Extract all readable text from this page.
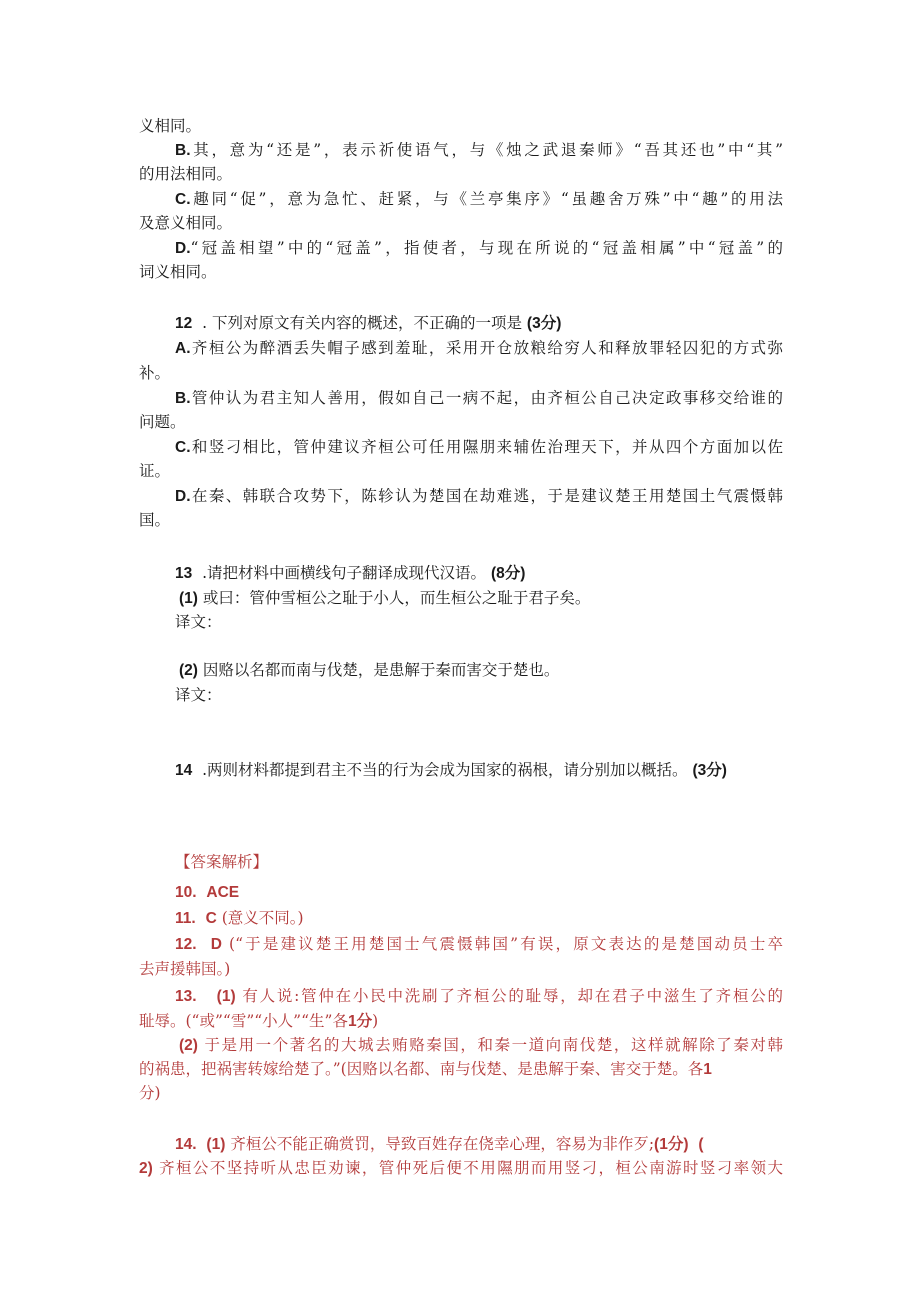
义相同。
B.其，意为“还是”，表示祈使语气，与《烛之武退秦师》“吾其还也”中“其”
的用法相同。
C.趣同“促”，意为急忙、赶紧，与《兰亭集序》“虽趣舍万殊”中“趣”的用法
及意义相同。
D.“冠盖相望”中的“冠盖”，指使者，与现在所说的“冠盖相属”中“冠盖”的
词义相同。
12 . 下列对原文有关内容的概述，不正确的一项是 (3分)
A.齐桓公为醉酒丢失帽子感到羞耻，采用开仓放粮给穷人和释放罪轻囚犯的方式弥
补。
B.管仲认为君主知人善用，假如自己一病不起，由齐桓公自己决定政事移交给谁的
问题。
C.和竖刁相比，管仲建议齐桓公可任用隰朋来辅佐治理天下，并从四个方面加以佐
证。
D.在秦、韩联合攻势下，陈轸认为楚国在劫难逃，于是建议楚王用楚国土气震慑韩
国。
13 .请把材料中画横线句子翻译成现代汉语。 (8分)
(1) 或曰：管仲雪桓公之耻于小人，而生桓公之耻于君子矣。
译文：
(2) 因赂以名都而南与伐楚，是患解于秦而害交于楚也。
译文：
14 .两则材料都提到君主不当的行为会成为国家的祸根，请分别加以概括。 (3分)
【答案解析】
10. ACE
11. C (意义不同。)
12. D (“于是建议楚王用楚国士气震慑韩国”有误，原文表达的是楚国动员士卒
去声援韩国。)
13. (1) 有人说:管仲在小民中洗刷了齐桓公的耻辱，却在君子中滋生了齐桓公的
耻辱。(“或”“雪”“小人”“生”各1分)
(2) 于是用一个著名的大城去贿赂秦国，和秦一道向南伐楚，这样就解除了秦对韩
的祸患，把祸害转嫁给楚了。”(因赂以名都、南与伐楚、是患解于秦、害交于楚。各1
分)
14. (1) 齐桓公不能正确赏罚，导致百姓存在侥幸心理，容易为非作歹;(1分) (
2) 齐桓公不坚持听从忠臣劝谏，管仲死后便不用隰朋而用竖刁，桓公南游时竖刁率领大
